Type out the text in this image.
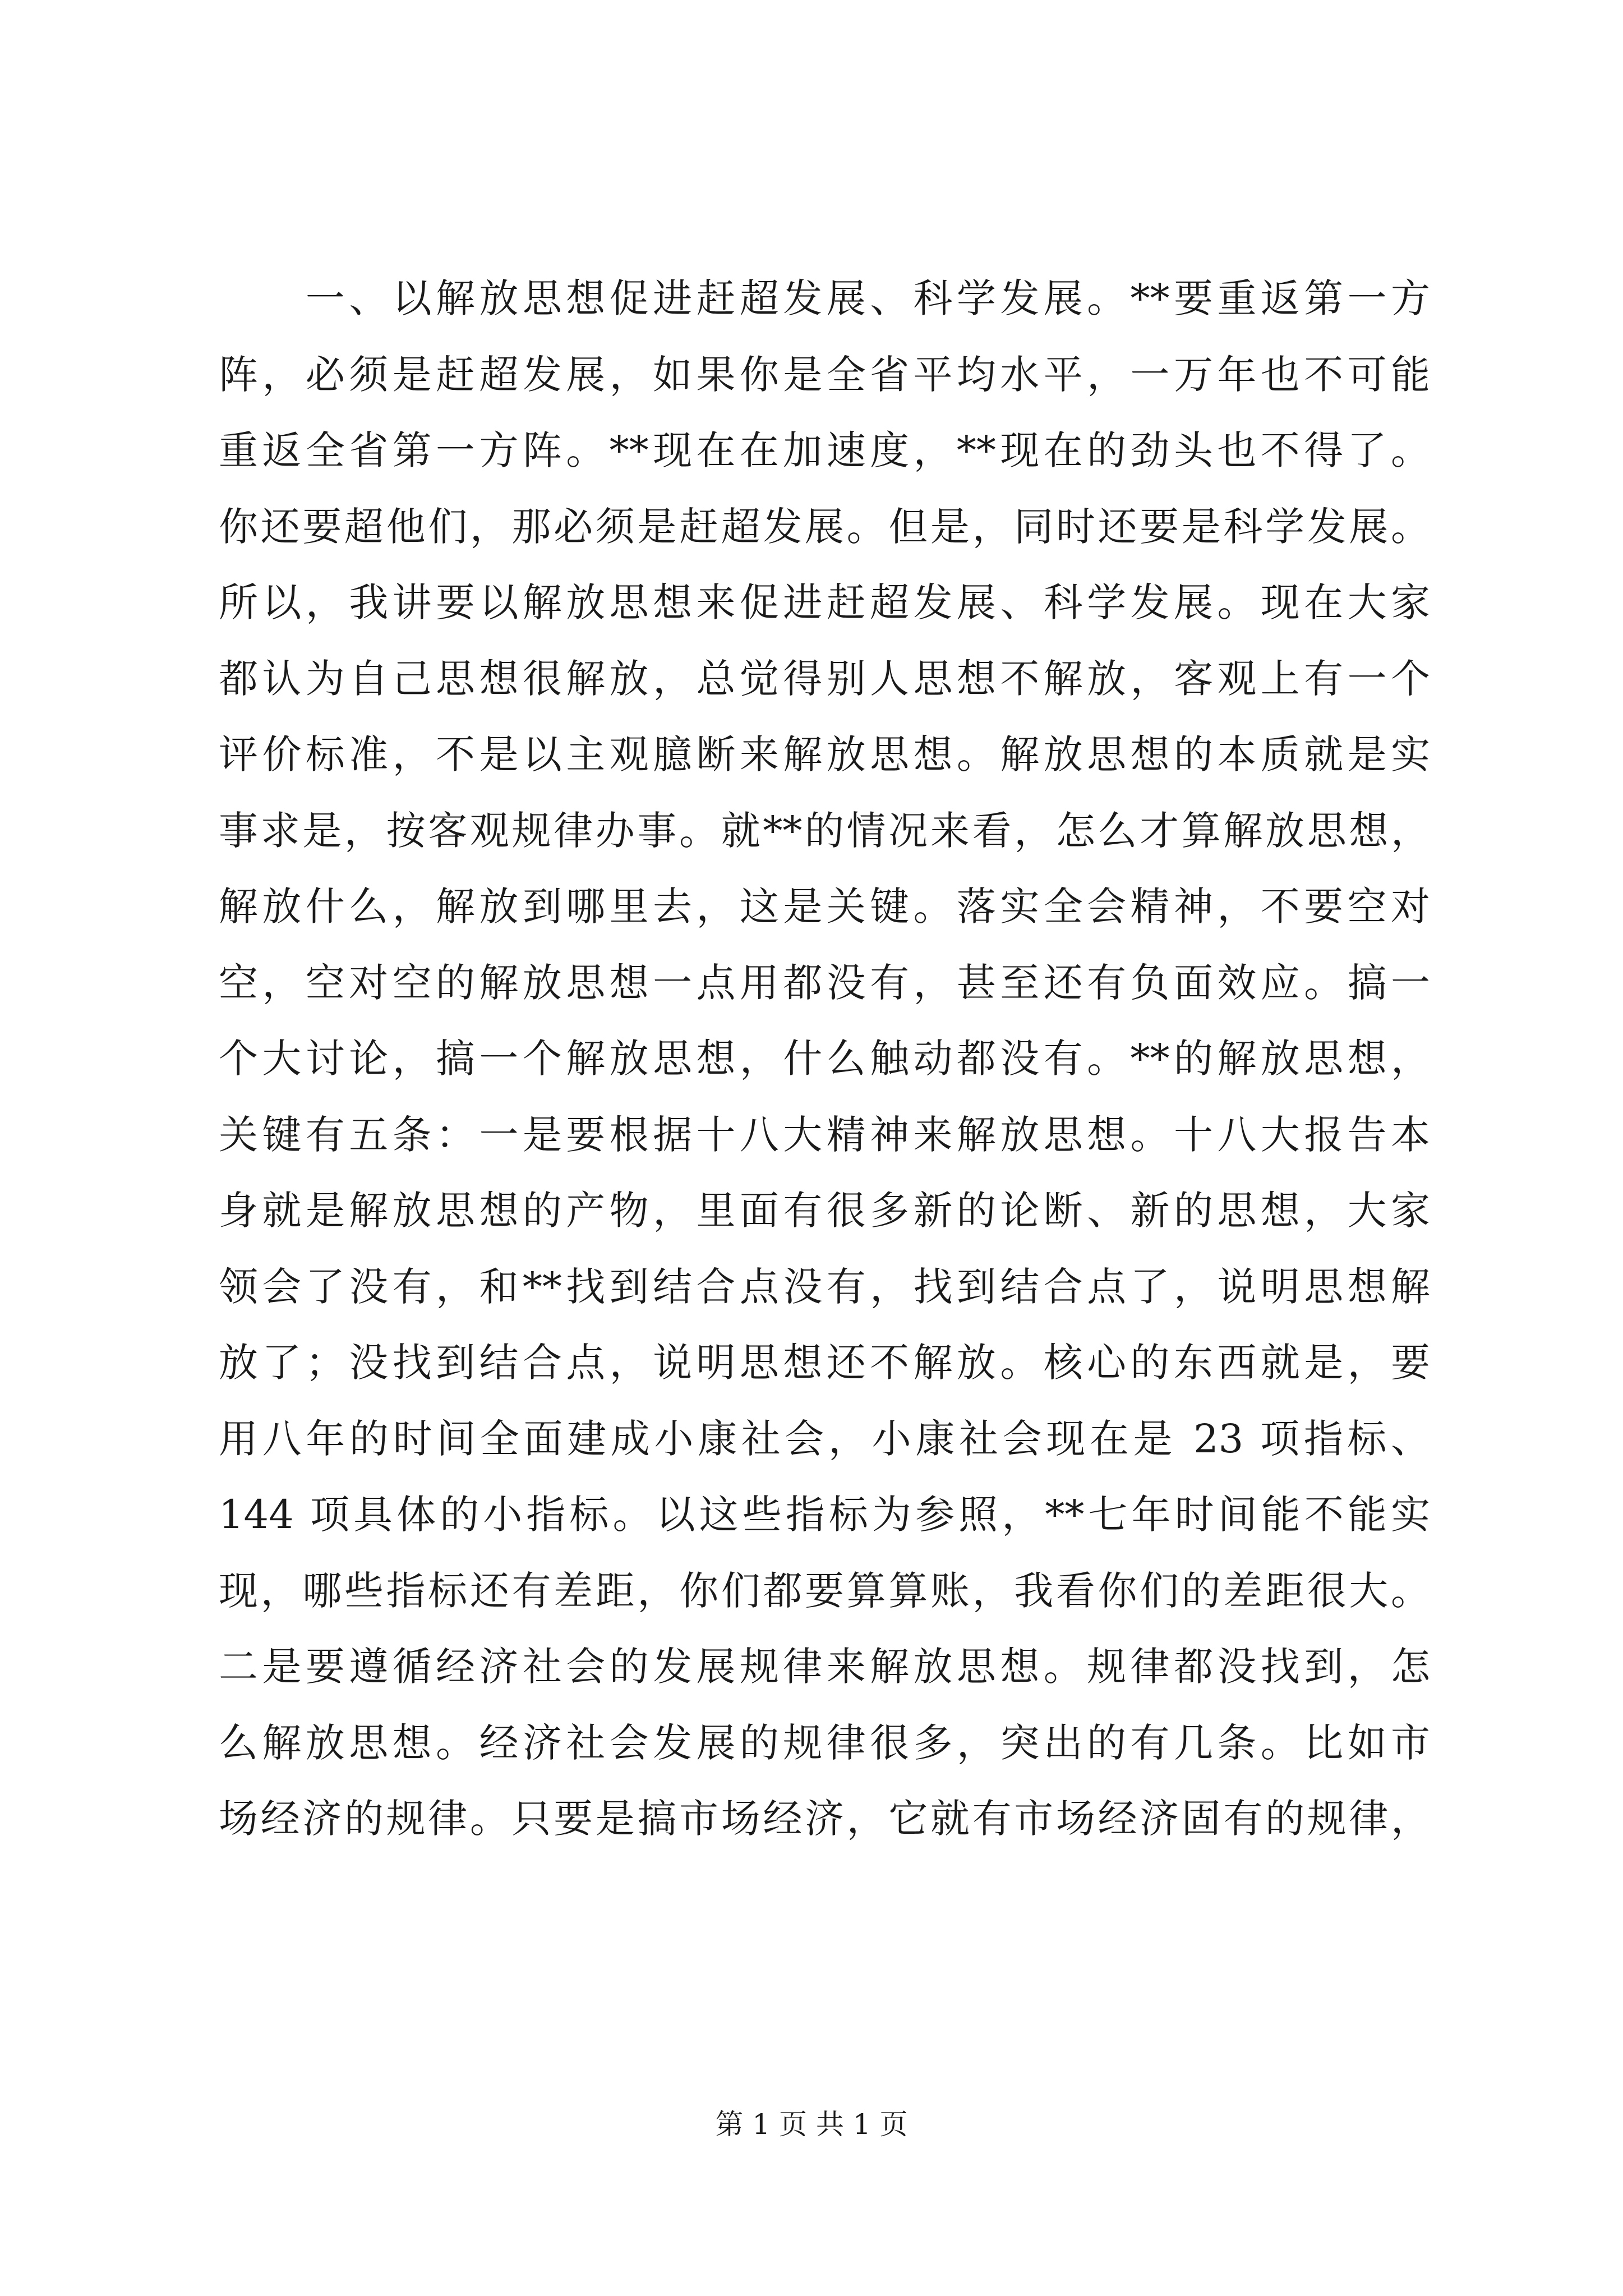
　　一、以解放思想促进赶超发展、科学发展。**要重返第一方
阵，必须是赶超发展，如果你是全省平均水平，一万年也不可能
重返全省第一方阵。**现在在加速度，**现在的劲头也不得了。
你还要超他们，那必须是赶超发展。但是，同时还要是科学发展。
所以，我讲要以解放思想来促进赶超发展、科学发展。现在大家
都认为自己思想很解放，总觉得别人思想不解放，客观上有一个
评价标准，不是以主观臆断来解放思想。解放思想的本质就是实
事求是，按客观规律办事。就**的情况来看，怎么才算解放思想，
解放什么，解放到哪里去，这是关键。落实全会精神，不要空对
空，空对空的解放思想一点用都没有，甚至还有负面效应。搞一
个大讨论，搞一个解放思想，什么触动都没有。**的解放思想，
关键有五条：一是要根据十八大精神来解放思想。十八大报告本
身就是解放思想的产物，里面有很多新的论断、新的思想，大家
领会了没有，和**找到结合点没有，找到结合点了，说明思想解
放了；没找到结合点，说明思想还不解放。核心的东西就是，要
用八年的时间全面建成小康社会，小康社会现在是 23 项指标、
144 项具体的小指标。以这些指标为参照，**七年时间能不能实
现，哪些指标还有差距，你们都要算算账，我看你们的差距很大。
二是要遵循经济社会的发展规律来解放思想。规律都没找到，怎
么解放思想。经济社会发展的规律很多，突出的有几条。比如市
场经济的规律。只要是搞市场经济，它就有市场经济固有的规律，
第 1 页 共 1 页
